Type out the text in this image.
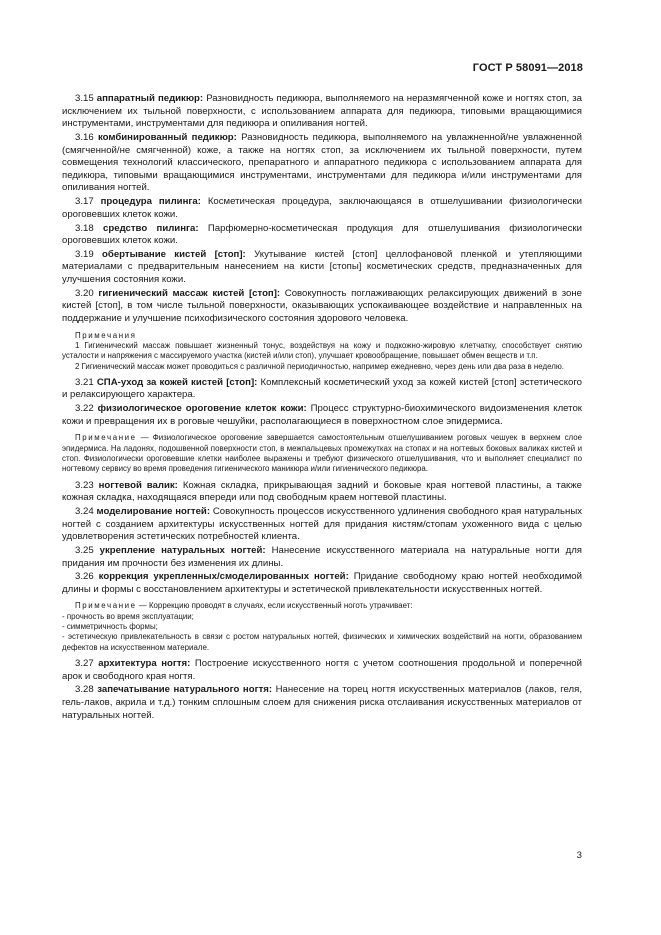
ГОСТ Р 58091—2018

3.15 аппаратный педикюр: Разновидность педикюра, выполняемого на неразмягченной коже и ногтях стоп, за исключением их тыльной поверхности, с использованием аппарата для педикюра, типовыми вращающимися инструментами, инструментами для педикюра и опиливания ногтей.

3.16 комбинированный педикюр: Разновидность педикюра, выполняемого на увлажненной/не увлажненной (смягченной/не смягченной) коже, а также на ногтях стоп, за исключением их тыльной поверхности, путем совмещения технологий классического, препаратного и аппаратного педикюра с использованием аппарата для педикюра, типовыми вращающимися инструментами, инструментами для педикюра и/или инструментами для опиливания ногтей.

3.17 процедура пилинга: Косметическая процедура, заключающаяся в отшелушивании физиологически ороговевших клеток кожи.

3.18 средство пилинга: Парфюмерно-косметическая продукция для отшелушивания физиологически ороговевших клеток кожи.

3.19 обертывание кистей [стоп]: Укутывание кистей [стоп] целлофановой пленкой и утепляющими материалами с предварительным нанесением на кисти [стопы] косметических средств, предназначенных для улучшения состояния кожи.

3.20 гигиенический массаж кистей [стоп]: Совокупность поглаживающих релаксирующих движений в зоне кистей [стоп], в том числе тыльной поверхности, оказывающих успокаивающее воздействие и направленных на поддержание и улучшение психофизического состояния здорового человека.

Примечания

1 Гигиенический массаж повышает жизненный тонус, воздействуя на кожу и подкожно-жировую клетчатку, способствует снятию усталости и напряжения с массируемого участка (кистей и/или стоп), улучшает кровообращение, повышает обмен веществ и т.п.

2 Гигиенический массаж может проводиться с различной периодичностью, например ежедневно, через день или два раза в неделю.

3.21 СПА-уход за кожей кистей [стоп]: Комплексный косметический уход за кожей кистей [стоп] эстетического и релаксирующего характера.

3.22 физиологическое ороговение клеток кожи: Процесс структурно-биохимического видоизменения клеток кожи и превращения их в роговые чешуйки, располагающиеся в поверхностном слое эпидермиса.

Примечание — Физиологическое ороговение завершается самостоятельным отшелушиванием роговых чешуек в верхнем слое эпидермиса. На ладонях, подошвенной поверхности стоп, в межпальцевых промежутках на стопах и на ногтевых боковых валиках кистей и стоп. Физиологически ороговевшие клетки наиболее выражены и требуют физического отшелушивания, что и выполняет специалист по ногтевому сервису во время проведения гигиенического маникюра и/или гигиенического педикюра.

3.23 ногтевой валик: Кожная складка, прикрывающая задний и боковые края ногтевой пластины, а также кожная складка, находящаяся впереди или под свободным краем ногтевой пластины.

3.24 моделирование ногтей: Совокупность процессов искусственного удлинения свободного края натуральных ногтей с созданием архитектуры искусственных ногтей для придания кистям/стопам ухоженного вида с целью удовлетворения эстетических потребностей клиента.

3.25 укрепление натуральных ногтей: Нанесение искусственного материала на натуральные ногти для придания им прочности без изменения их длины.

3.26 коррекция укрепленных/смоделированных ногтей: Придание свободному краю ногтей необходимой длины и формы с восстановлением архитектуры и эстетической привлекательности искусственных ногтей.

Примечание — Коррекцию проводят в случаях, если искусственный ноготь утрачивает:

- прочность во время эксплуатации;

- симметричность формы;

- эстетическую привлекательность в связи с ростом натуральных ногтей, физических и химических воздействий на ногти, образованием дефектов на искусственном материале.

3.27 архитектура ногтя: Построение искусственного ногтя с учетом соотношения продольной и поперечной арок и свободного края ногтя.

3.28 запечатывание натурального ногтя: Нанесение на торец ногтя искусственных материалов (лаков, геля, гель-лаков, акрила и т.д.) тонким сплошным слоем для снижения риска отслаивания искусственных материалов от натуральных ногтей.

3
